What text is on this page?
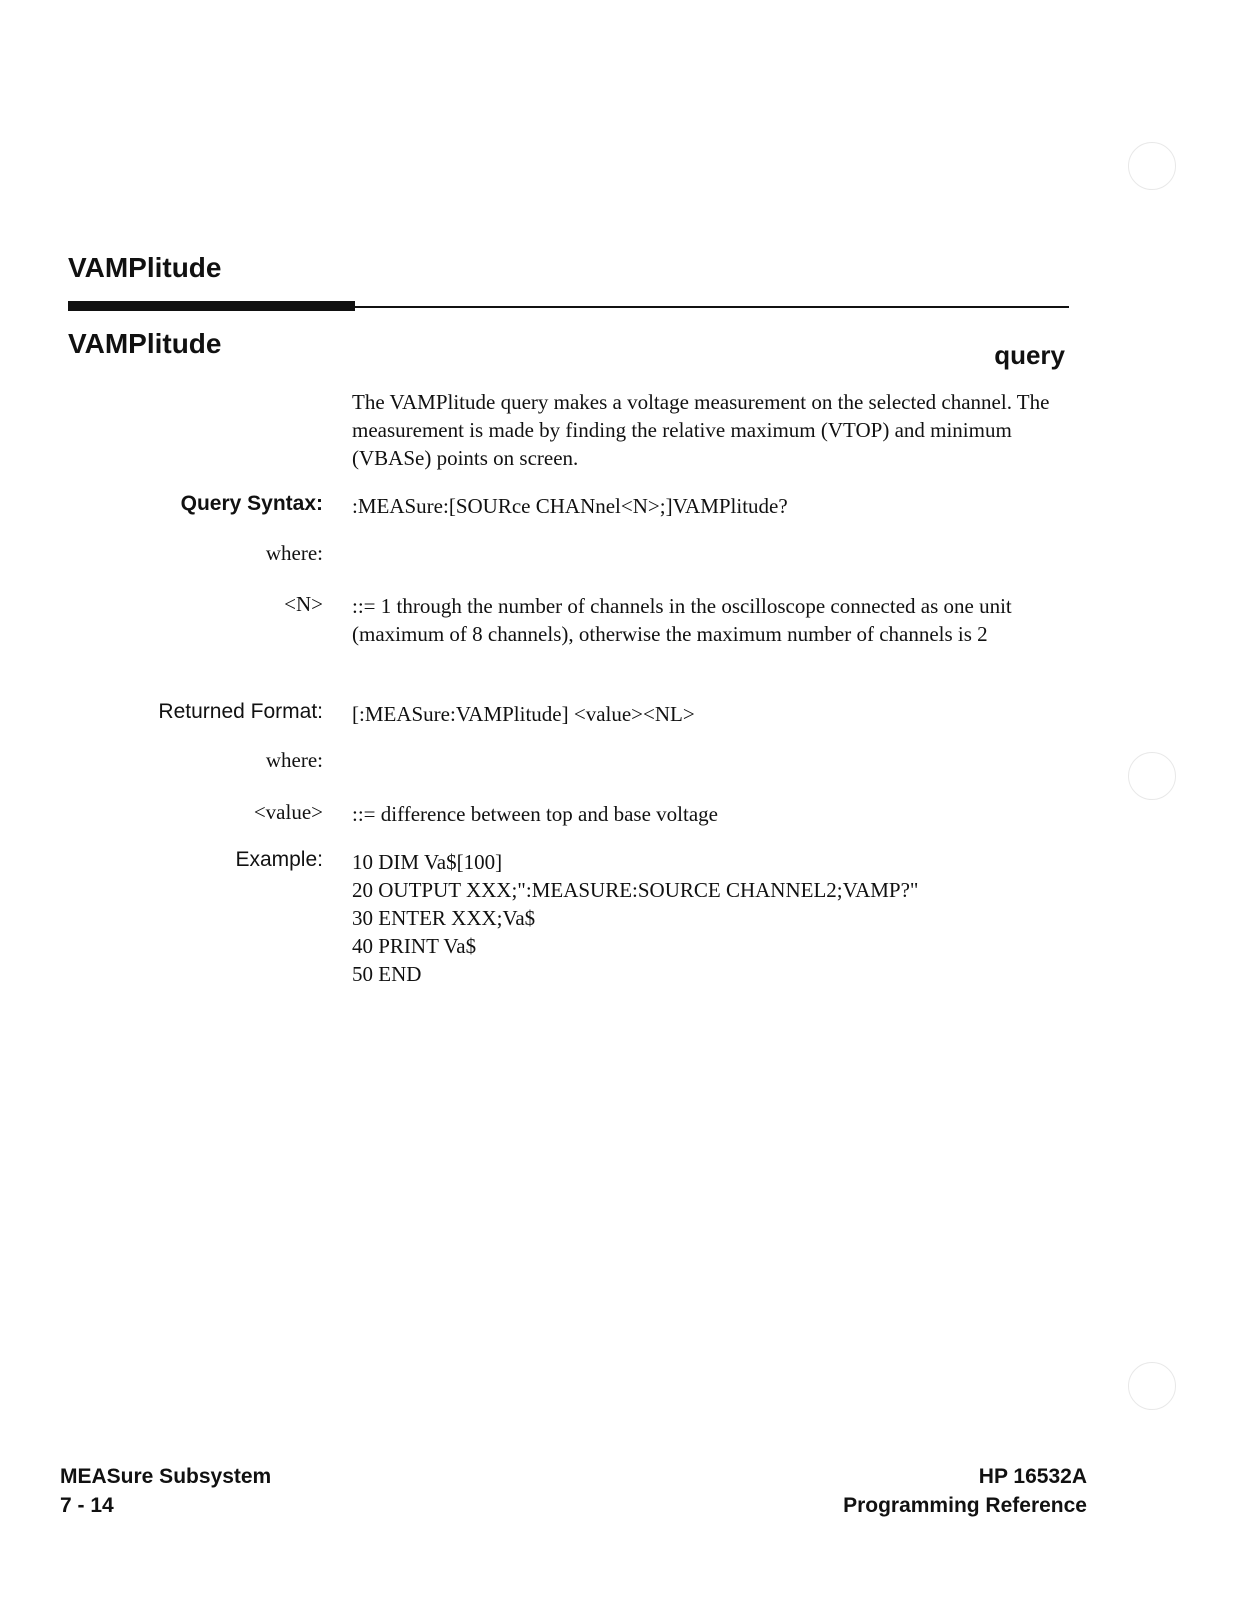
VAMPlitude
VAMPlitude	query
The VAMPlitude query makes a voltage measurement on the selected channel. The measurement is made by finding the relative maximum (VTOP) and minimum (VBASe) points on screen.
Query Syntax: :MEASure:[SOURce CHANnel<N>;]VAMPlitude?
where:
<N> ::= 1 through the number of channels in the oscilloscope connected as one unit (maximum of 8 channels), otherwise the maximum number of channels is 2
Returned Format: [:MEASure:VAMPlitude] <value><NL>
where:
<value> ::= difference between top and base voltage
Example: 10 DIM Va$[100]
20 OUTPUT XXX;":MEASURE:SOURCE CHANNEL2;VAMP?"
30 ENTER XXX;Va$
40 PRINT Va$
50 END
MEASure Subsystem
7 - 14
HP 16532A
Programming Reference
